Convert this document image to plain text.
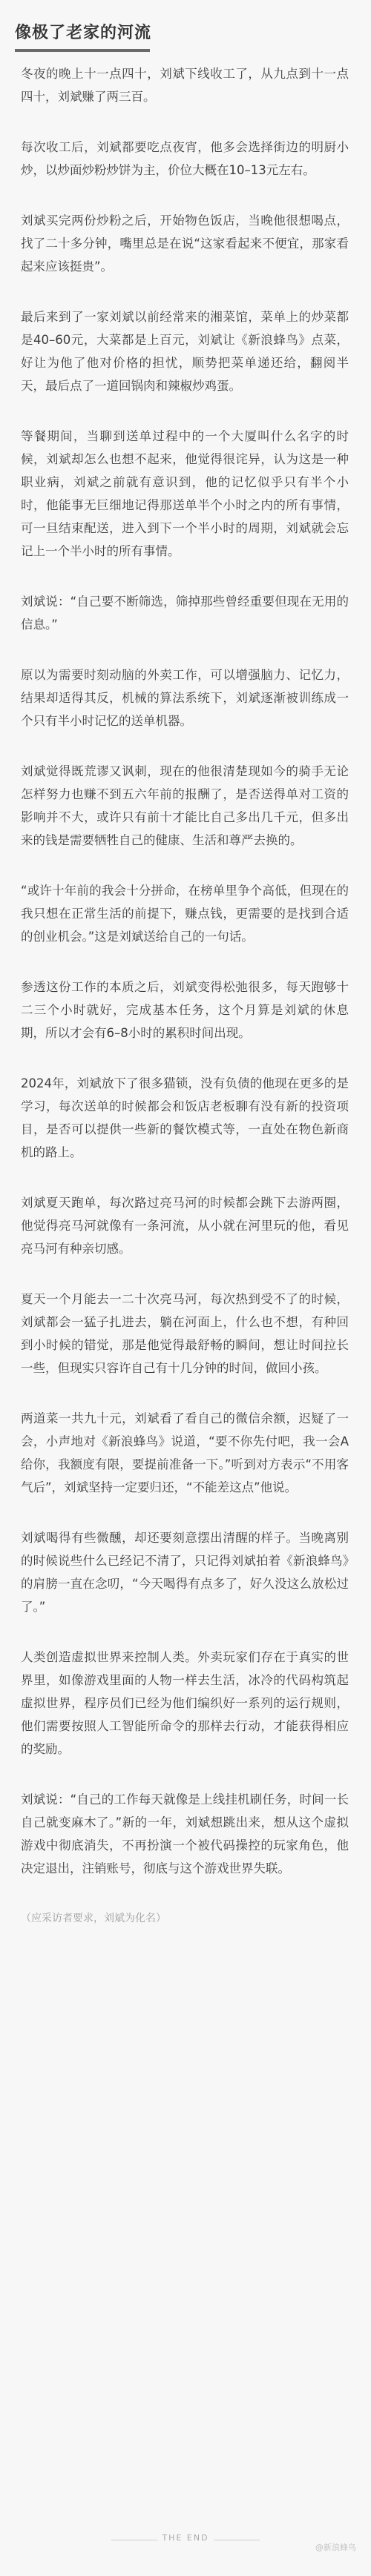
像极了老家的河流

冬夜的晚上十一点四十，刘斌下线收工了，从九点到十一点四十，刘斌赚了两三百。

每次收工后，刘斌都要吃点夜宵，他多会选择街边的明厨小炒，以炒面炒粉炒饼为主，价位大概在10–13元左右。

刘斌买完两份炒粉之后，开始物色饭店，当晚他很想喝点，找了二十多分钟，嘴里总是在说“这家看起来不便宜，那家看起来应该挺贵”。

最后来到了一家刘斌以前经常来的湘菜馆，菜单上的炒菜都是40–60元，大菜都是上百元，刘斌让《新浪蜂鸟》点菜，好让为他了他对价格的担忧，顺势把菜单递还给，翻阅半天，最后点了一道回锅肉和辣椒炒鸡蛋。

等餐期间，当聊到送单过程中的一个大厦叫什么名字的时候，刘斌却怎么也想不起来，他觉得很诧异，认为这是一种职业病，刘斌之前就有意识到，他的记忆似乎只有半个小时，他能事无巨细地记得那送单半个小时之内的所有事情，可一旦结束配送，进入到下一个半小时的周期，刘斌就会忘记上一个半小时的所有事情。

刘斌说：“自己要不断筛选，筛掉那些曾经重要但现在无用的信息。”

原以为需要时刻动脑的外卖工作，可以增强脑力、记忆力，结果却适得其反，机械的算法系统下，刘斌逐渐被训练成一个只有半小时记忆的送单机器。

刘斌觉得既荒谬又讽刺，现在的他很清楚现如今的骑手无论怎样努力也赚不到五六年前的报酬了，是否送得单对工资的影响并不大，或许只有前十才能比自己多出几千元，但多出来的钱是需要牺牲自己的健康、生活和尊严去换的。

“或许十年前的我会十分拼命，在榜单里争个高低，但现在的我只想在正常生活的前提下，赚点钱，更需要的是找到合适的创业机会。”这是刘斌送给自己的一句话。

参透这份工作的本质之后，刘斌变得松弛很多，每天跑够十二三个小时就好，完成基本任务，这个月算是刘斌的休息期，所以才会有6–8小时的累积时间出现。

2024年，刘斌放下了很多猫锁，没有负债的他现在更多的是学习，每次送单的时候都会和饭店老板聊有没有新的投资项目，是否可以提供一些新的餐饮模式等，一直处在物色新商机的路上。

刘斌夏天跑单，每次路过亮马河的时候都会跳下去游两圈，他觉得亮马河就像有一条河流，从小就在河里玩的他，看见亮马河有种亲切感。

夏天一个月能去一二十次亮马河，每次热到受不了的时候，刘斌都会一猛子扎进去，躺在河面上，什么也不想，有种回到小时候的错觉，那是他觉得最舒畅的瞬间，想让时间拉长一些，但现实只容许自己有十几分钟的时间，做回小孩。

两道菜一共九十元，刘斌看了看自己的微信余额，迟疑了一会，小声地对《新浪蜂鸟》说道，“要不你先付吧，我一会A给你，我额度有限，要提前准备一下。”听到对方表示“不用客气后”，刘斌坚持一定要归还，“不能差这点”他说。

刘斌喝得有些微醺，却还要刻意摆出清醒的样子。当晚离别的时候说些什么已经记不清了，只记得刘斌拍着《新浪蜂鸟》的肩膀一直在念叨，“今天喝得有点多了，好久没这么放松过了。”

人类创造虚拟世界来控制人类。外卖玩家们存在于真实的世界里，如像游戏里面的人物一样去生活，冰冷的代码构筑起虚拟世界，程序员们已经为他们编织好一系列的运行规则，他们需要按照人工智能所命令的那样去行动，才能获得相应的奖励。

刘斌说：“自己的工作每天就像是上线挂机刷任务，时间一长自己就变麻木了。”新的一年，刘斌想跳出来，想从这个虚拟游戏中彻底消失，不再扮演一个被代码操控的玩家角色，他决定退出，注销账号，彻底与这个游戏世界失联。

（应采访者要求，刘斌为化名）

THE END
@新浪蜂鸟
